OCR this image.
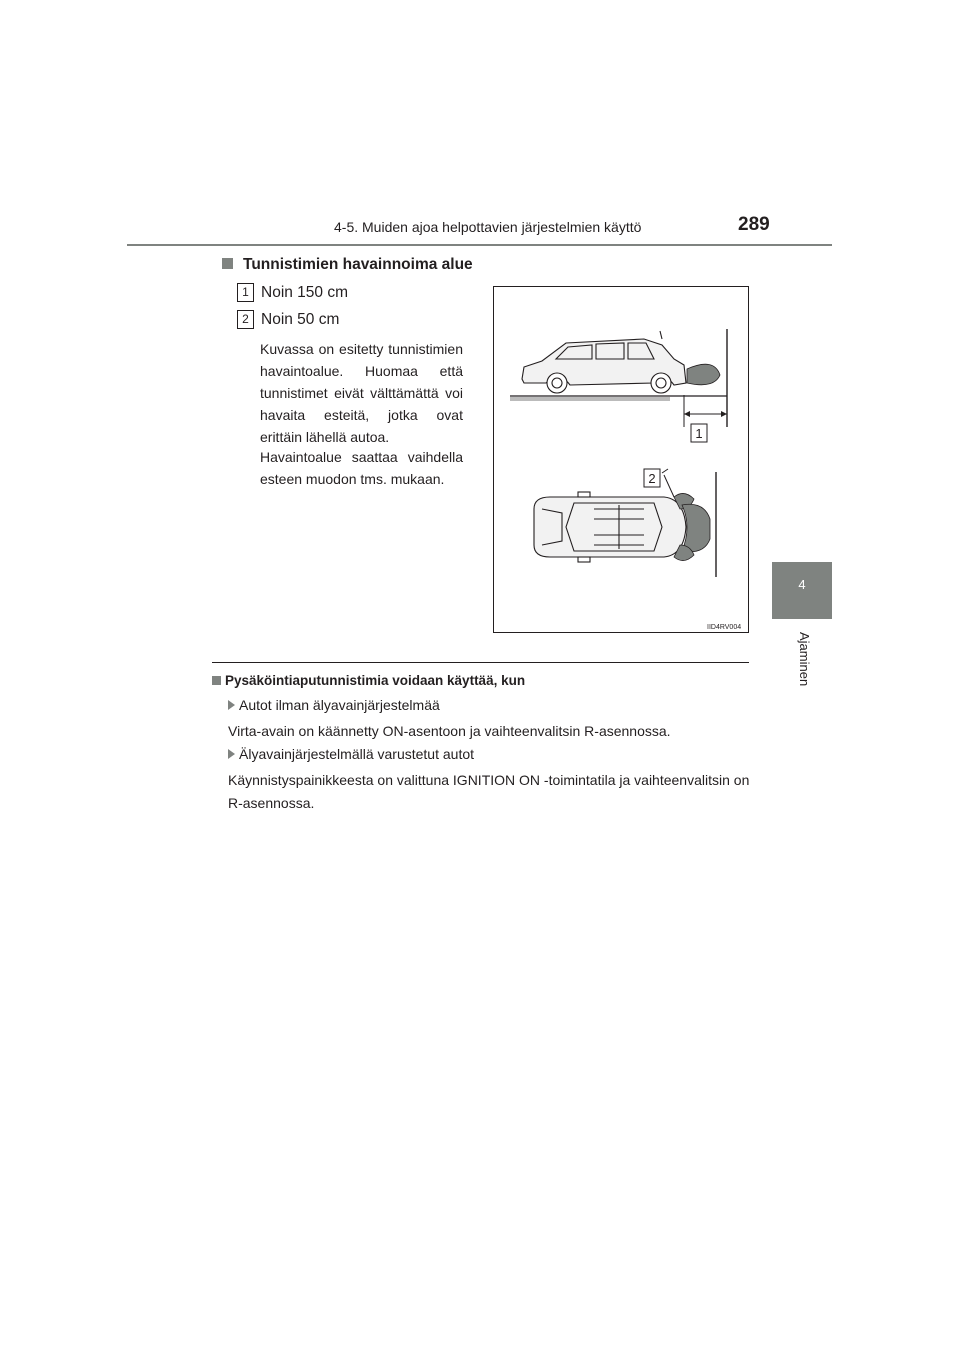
4-5. Muiden ajoa helpottavien järjestelmien käyttö	289
4
Ajaminen
Tunnistimien havainnoima alue
1 Noin 150 cm
2 Noin 50 cm
Kuvassa on esitetty tunnistimien havaintoalue. Huomaa että tunnistimet eivät välttämättä voi havaita esteitä, jotka ovat erittäin lähellä autoa.
Havaintoalue saattaa vaihdella esteen muodon tms. mukaan.
1
2
IID4RV004
Pysäköintiaputunnistimia voidaan käyttää, kun
Autot ilman älyavainjärjestelmää
Virta-avain on käännetty ON-asentoon ja vaihteenvalitsin R-asennossa.
Älyavainjärjestelmällä varustetut autot
Käynnistyspainikkeesta on valittuna IGNITION ON -toimintatila ja vaihteenvalitsin on R-asennossa.
